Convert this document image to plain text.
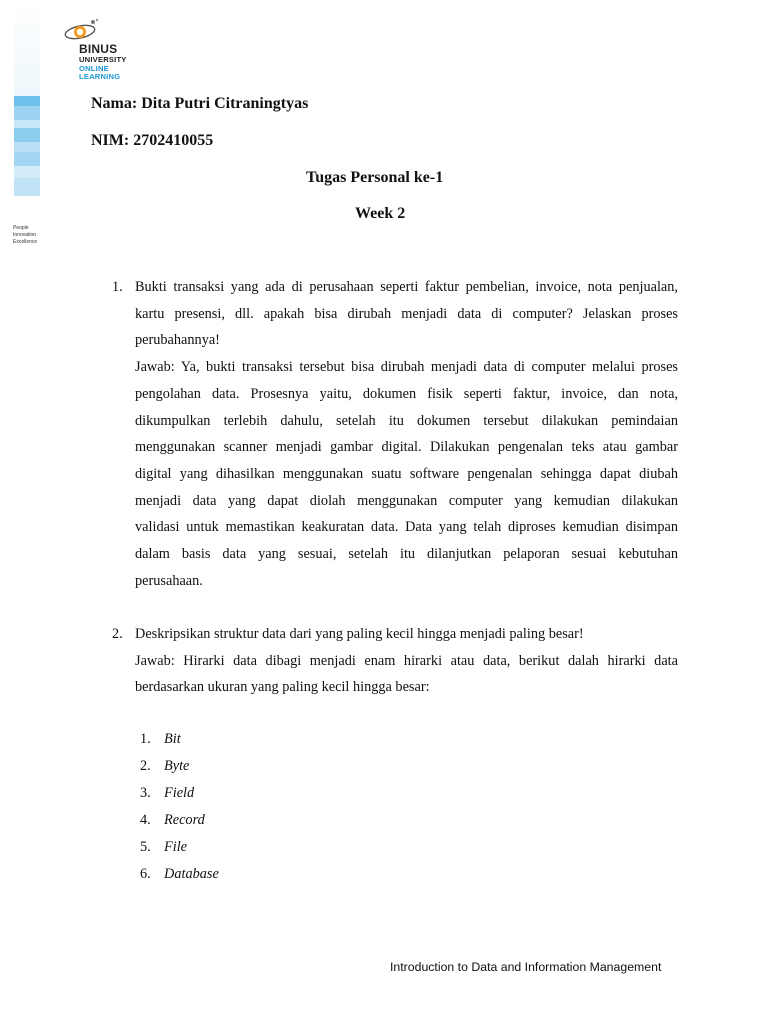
People
Innovation
Excellence
BINUS
UNIVERSITY
ONLINE
LEARNING
Nama: Dita Putri Citraningtyas
NIM: 2702410055
Tugas Personal ke-1
Week 2
1. Bukti transaksi yang ada di perusahaan seperti faktur pembelian, invoice, nota penjualan,
kartu presensi, dll. apakah bisa dirubah menjadi data di computer? Jelaskan proses
perubahannya!
Jawab: Ya, bukti transaksi tersebut bisa dirubah menjadi data di computer melalui proses
pengolahan data. Prosesnya yaitu, dokumen fisik seperti faktur, invoice, dan nota,
dikumpulkan terlebih dahulu, setelah itu dokumen tersebut dilakukan pemindaian
menggunakan scanner menjadi gambar digital. Dilakukan pengenalan teks atau gambar
digital yang dihasilkan menggunakan suatu software pengenalan sehingga dapat diubah
menjadi data yang dapat diolah menggunakan computer yang kemudian dilakukan
validasi untuk memastikan keakuratan data. Data yang telah diproses kemudian disimpan
dalam basis data yang sesuai, setelah itu dilanjutkan pelaporan sesuai kebutuhan
perusahaan.
2. Deskripsikan struktur data dari yang paling kecil hingga menjadi paling besar!
Jawab: Hirarki data dibagi menjadi enam hirarki atau data, berikut dalah hirarki data
berdasarkan ukuran yang paling kecil hingga besar:
1. Bit
2. Byte
3. Field
4. Record
5. File
6. Database
Introduction to Data and Information Management
